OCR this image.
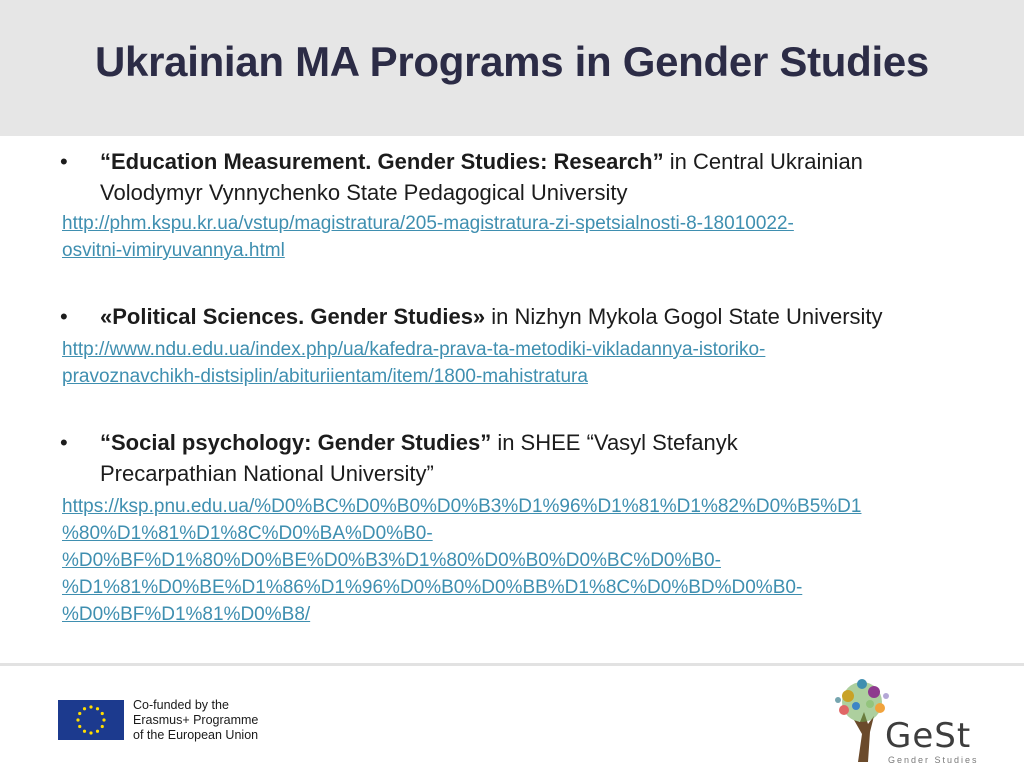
Ukrainian MA Programs in Gender Studies
• “Education Measurement. Gender Studies: Research” in Central Ukrainian
Volodymyr Vynnychenko State Pedagogical University
http://phm.kspu.kr.ua/vstup/magistratura/205-magistratura-zi-spetsialnosti-8-18010022-
osvitni-vimiryuvannya.html
• «Political Sciences. Gender Studies» in Nizhyn Mykola Gogol State University
http://www.ndu.edu.ua/index.php/ua/kafedra-prava-ta-metodiki-vikladannya-istoriko-
pravoznavchikh-distsiplin/abituriientam/item/1800-mahistratura
• “Social psychology: Gender Studies” in SHEE “Vasyl Stefanyk
Precarpathian National University”
https://ksp.pnu.edu.ua/%D0%BC%D0%B0%D0%B3%D1%96%D1%81%D1%82%D0%B5%D1
%80%D1%81%D1%8C%D0%BA%D0%B0-
%D0%BF%D1%80%D0%BE%D0%B3%D1%80%D0%B0%D0%BC%D0%B0-
%D1%81%D0%BE%D1%86%D1%96%D0%B0%D0%BB%D1%8C%D0%BD%D0%B0-
%D0%BF%D1%81%D0%B8/
Co-funded by the
Erasmus+ Programme
of the European Union	GeSt
Gender Studies
